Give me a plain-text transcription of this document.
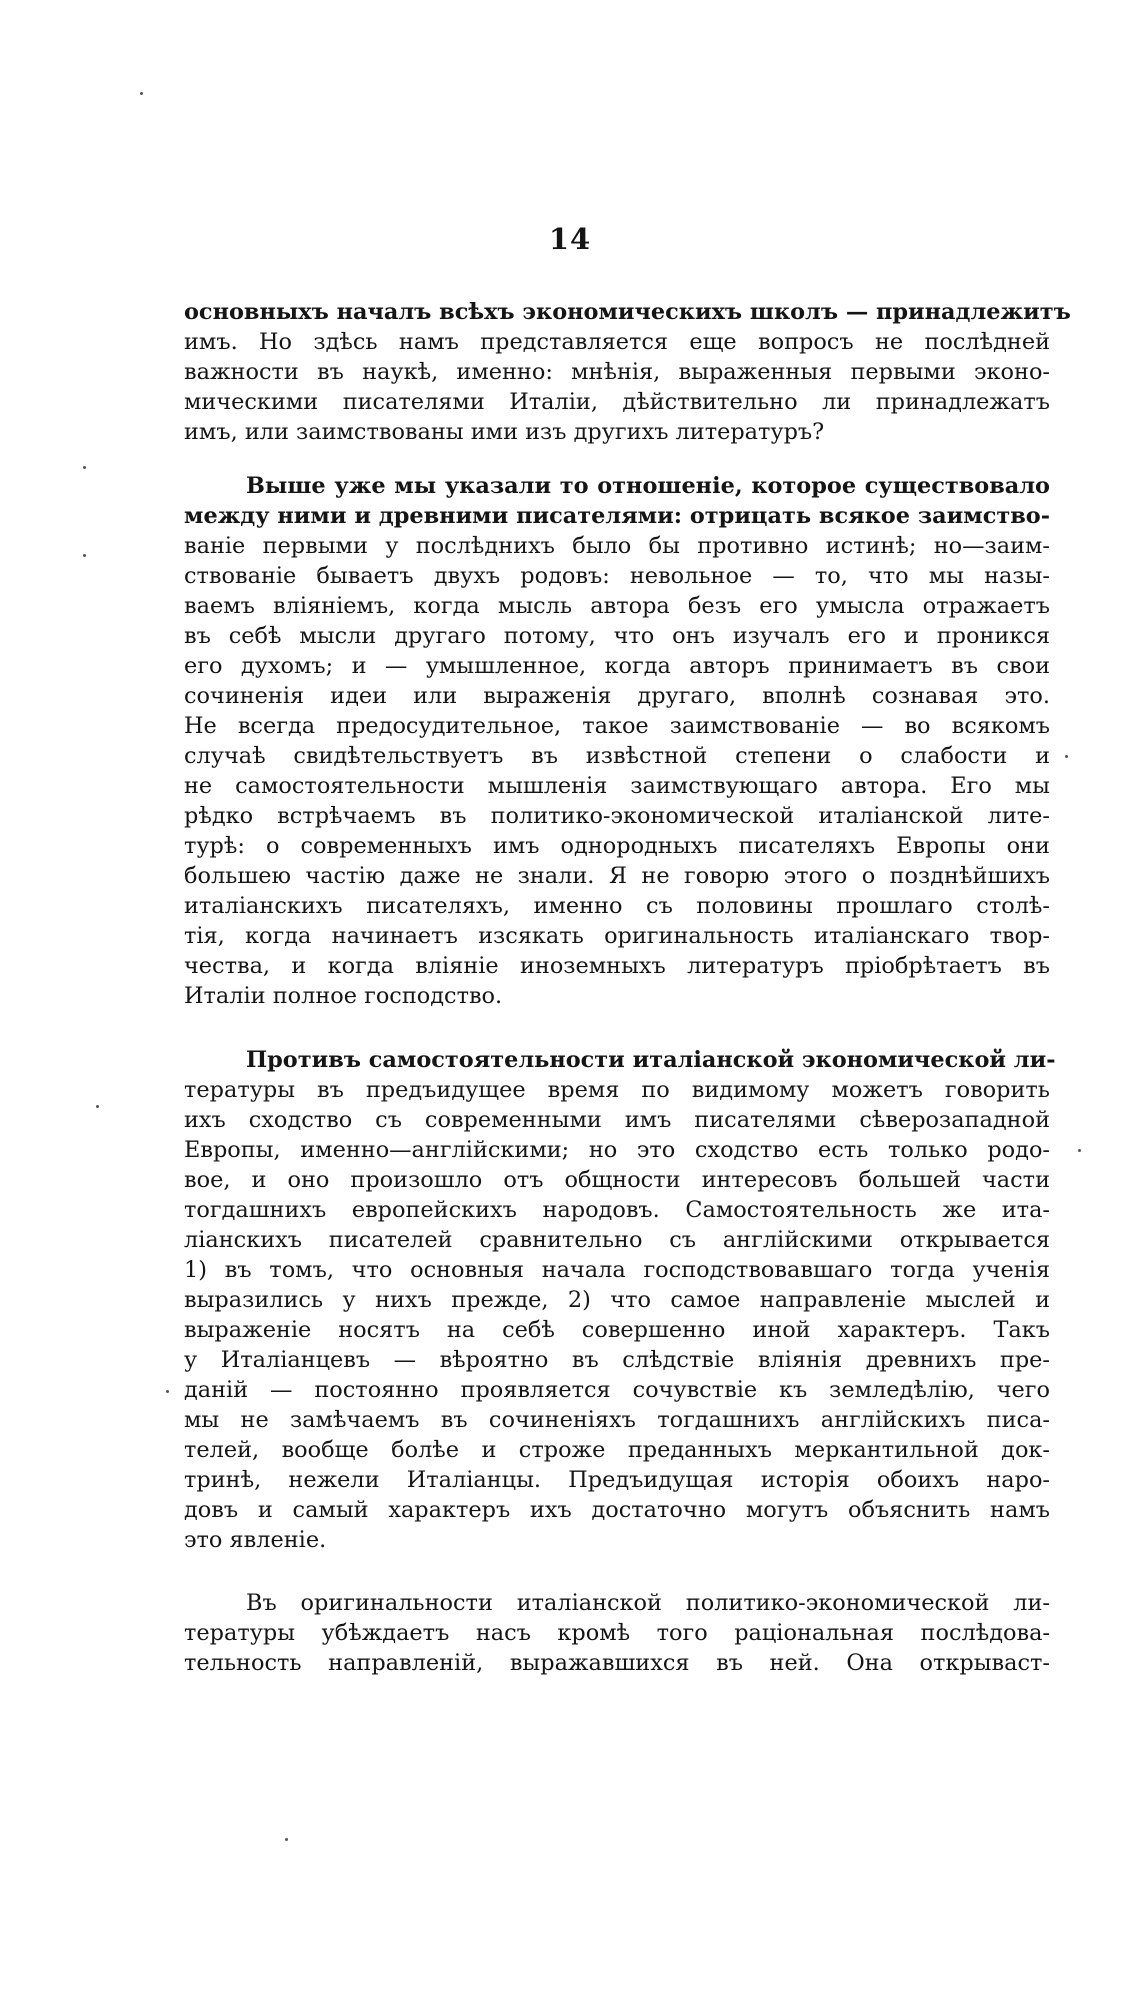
14
основныхъ началъ всѣхъ экономическихъ школъ — принадлежитъ
имъ. Но здѣсь намъ представляется еще вопросъ не послѣдней
важности въ наукѣ, именно: мнѣнія, выраженныя первыми эконо-
мическими писателями Италіи, дѣйствительно ли принадлежатъ
имъ, или заимствованы ими изъ другихъ литературъ?
Выше уже мы указали то отношеніе, которое существовало
между ними и древними писателями: отрицать всякое заимство-
ваніе первыми у послѣднихъ было бы противно истинѣ; но—заим-
ствованіе бываетъ двухъ родовъ: невольное — то, что мы назы-
ваемъ вліяніемъ, когда мысль автора безъ его умысла отражаетъ
въ себѣ мысли другаго потому, что онъ изучалъ его и проникся
его духомъ; и — умышленное, когда авторъ принимаетъ въ свои
сочиненія идеи или выраженія другаго, вполнѣ сознавая это.
Не всегда предосудительное, такое заимствованіе — во всякомъ
случаѣ свидѣтельствуетъ въ извѣстной степени о слабости и
не самостоятельности мышленія заимствующаго автора. Его мы
рѣдко встрѣчаемъ въ политико-экономической италіанской лите-
турѣ: о современныхъ имъ однородныхъ писателяхъ Европы они
большею частію даже не знали. Я не говорю этого о позднѣйшихъ
италіанскихъ писателяхъ, именно съ половины прошлаго столѣ-
тія, когда начинаетъ изсякать оригинальность италіанскаго твор-
чества, и когда вліяніе иноземныхъ литературъ пріобрѣтаетъ въ
Италіи полное господство.
Противъ самостоятельности италіанской экономической ли-
тературы въ предъидущее время по видимому можетъ говорить
ихъ сходство съ современными имъ писателями сѣверозападной
Европы, именно—англійскими; но это сходство есть только родо-
вое, и оно произошло отъ общности интересовъ большей части
тогдашнихъ европейскихъ народовъ. Самостоятельность же ита-
ліанскихъ писателей сравнительно съ англійскими открывается
1) въ томъ, что основныя начала господствовавшаго тогда ученія
выразились у нихъ прежде, 2) что самое направленіе мыслей и
выраженіе носятъ на себѣ совершенно иной характеръ. Такъ
у Италіанцевъ — вѣроятно въ слѣдствіе вліянія древнихъ пре-
даній — постоянно проявляется сочувствіе къ земледѣлію, чего
мы не замѣчаемъ въ сочиненіяхъ тогдашнихъ англійскихъ писа-
телей, вообще болѣе и строже преданныхъ меркантильной док-
тринѣ, нежели Италіанцы. Предъидущая исторія обоихъ наро-
довъ и самый характеръ ихъ достаточно могутъ объяснить намъ
это явленіе.
Въ оригинальности италіанской политико-экономической ли-
тературы убѣждаетъ насъ кромѣ того раціональная послѣдова-
тельность направленій, выражавшихся въ ней. Она открываст-
